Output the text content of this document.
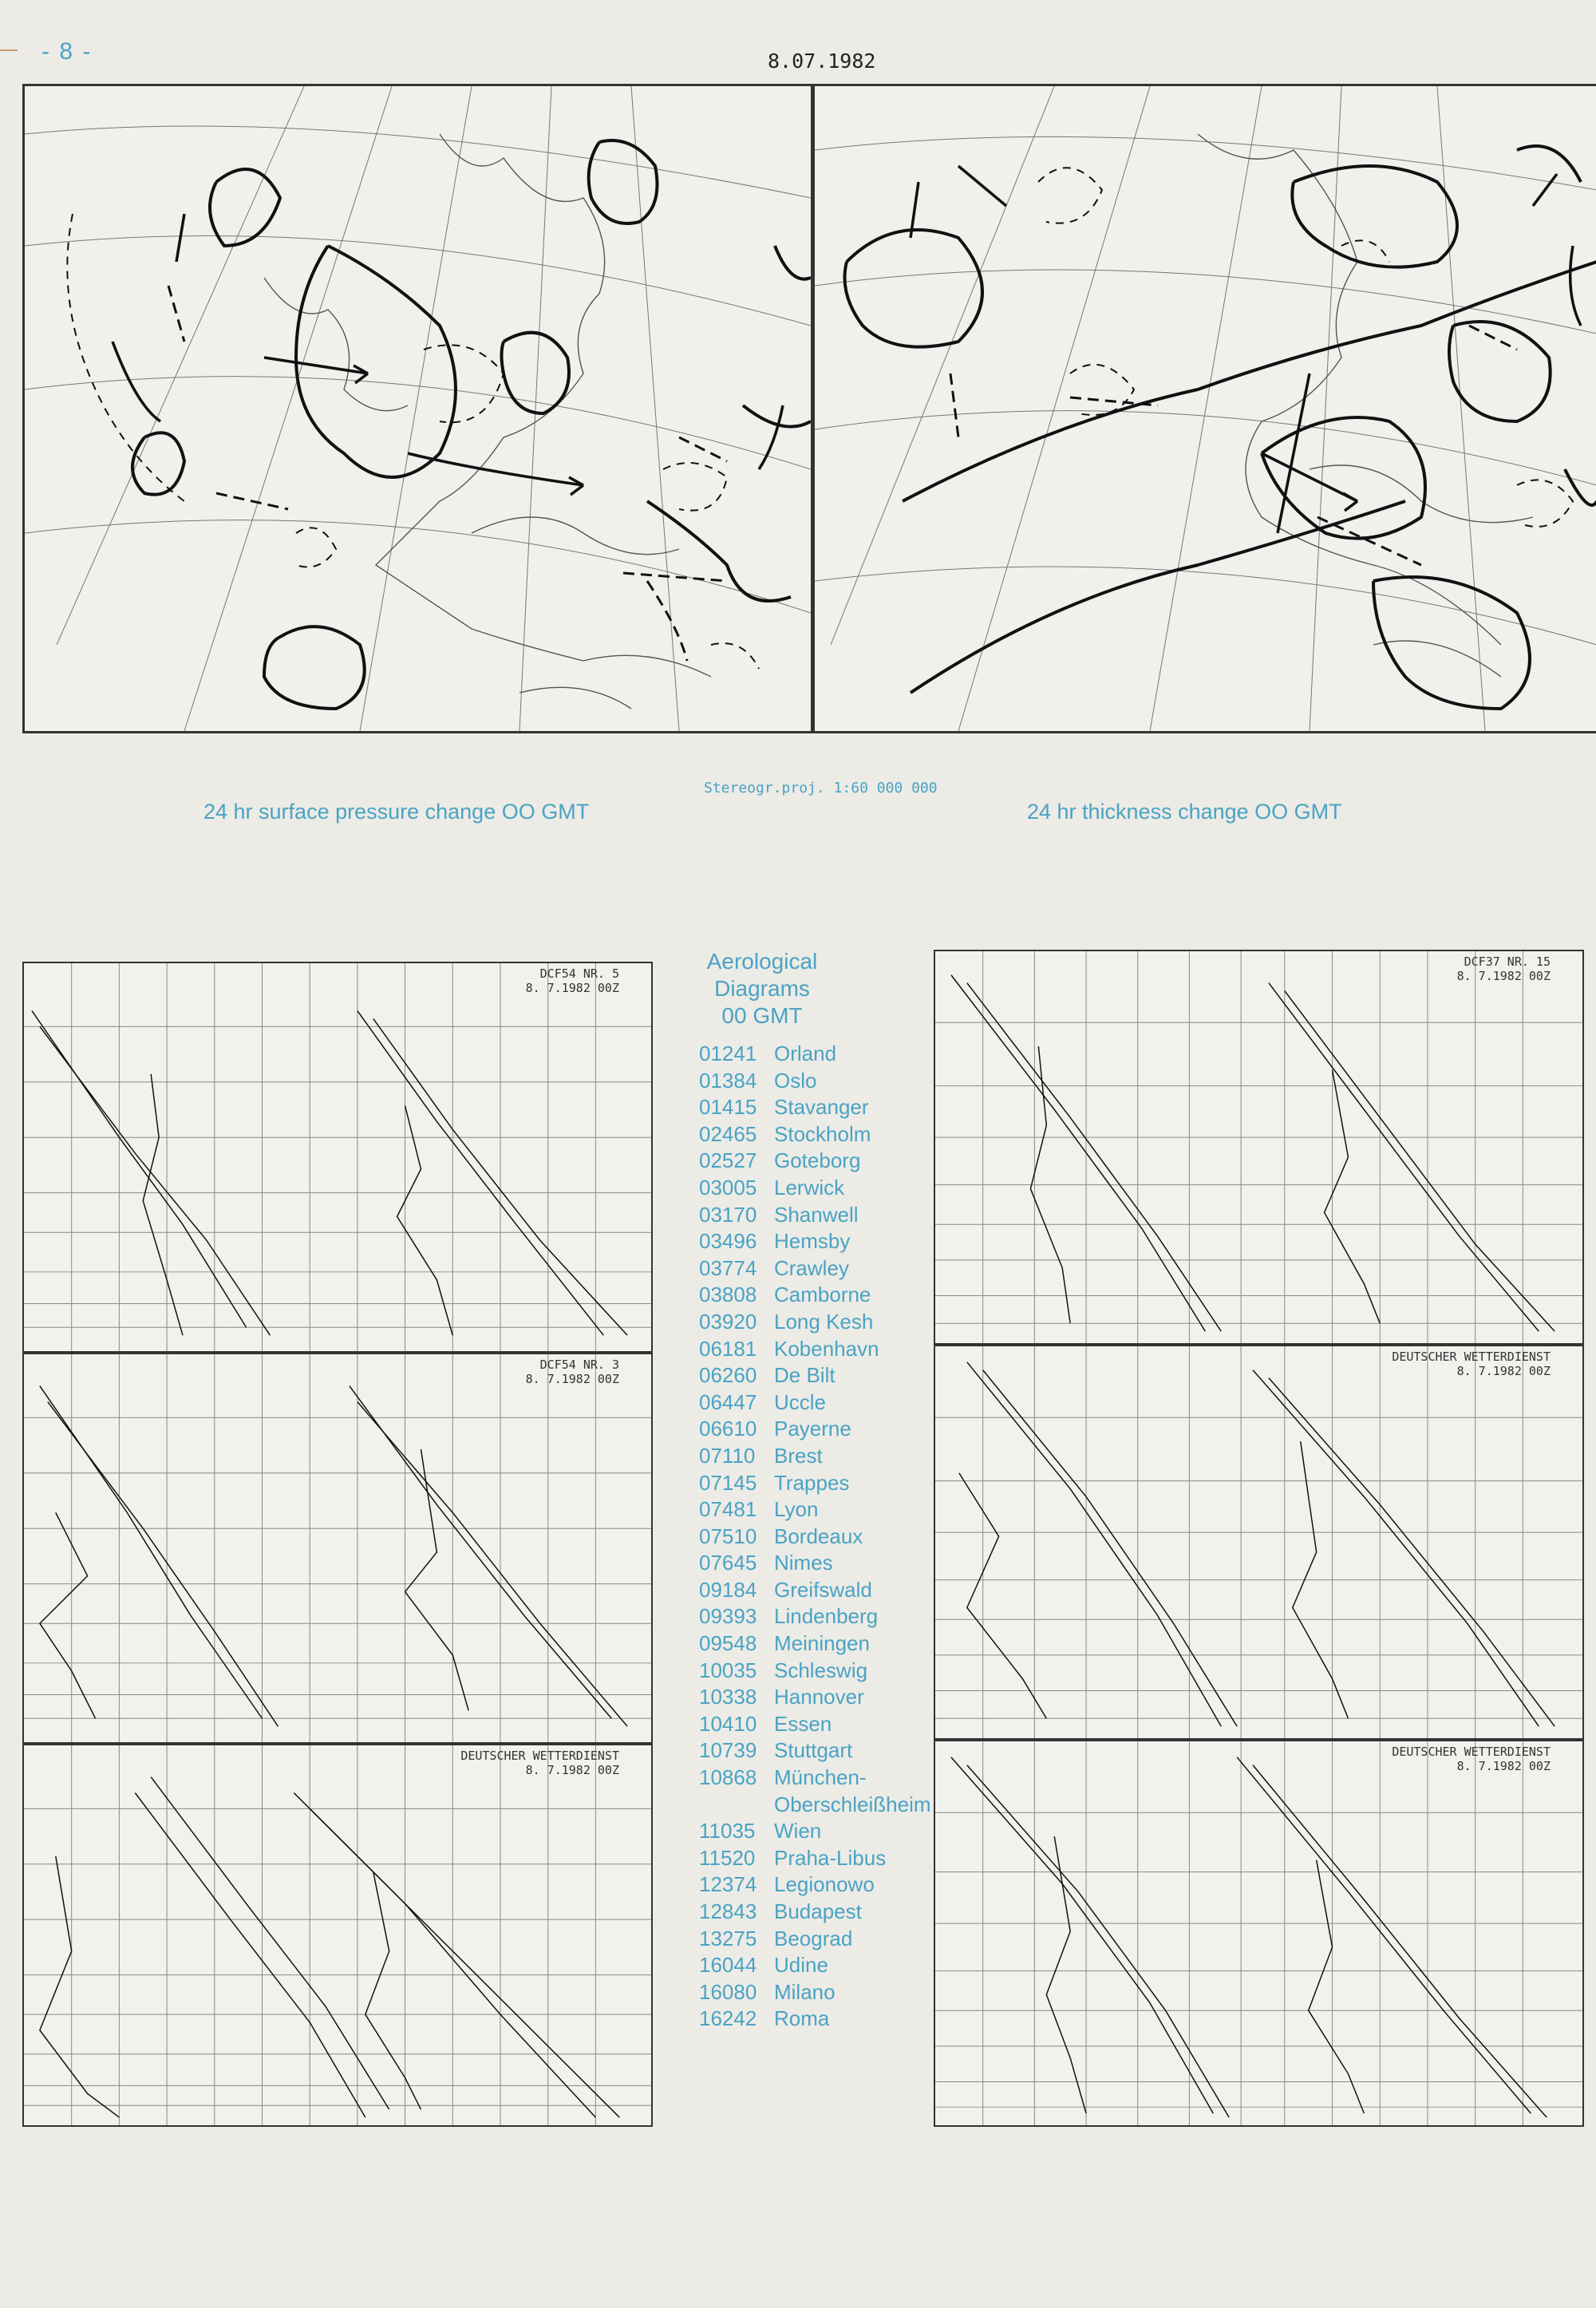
- 8 -	8.07.1982
Stereogr.proj. 1:60 000 000
24 hr surface pressure change OO GMT	24 hr thickness change OO GMT
DCF54 NR. 5
8. 7.1982 00Z
DCF54 NR. 3
8. 7.1982 00Z
DEUTSCHER WETTERDIENST
8. 7.1982 00Z
Aerological
Diagrams
00 GMT
01241 Orland
01384 Oslo
01415 Stavanger
02465 Stockholm
02527 Goteborg
03005 Lerwick
03170 Shanwell
03496 Hemsby
03774 Crawley
03808 Camborne
03920 Long Kesh
06181 Kobenhavn
06260 De Bilt
06447 Uccle
06610 Payerne
07110 Brest
07145 Trappes
07481 Lyon
07510 Bordeaux
07645 Nimes
09184 Greifswald
09393 Lindenberg
09548 Meiningen
10035 Schleswig
10338 Hannover
10410 Essen
10739 Stuttgart
10868 München-
Oberschleißheim
11035 Wien
11520 Praha-Libus
12374 Legionowo
12843 Budapest
13275 Beograd
16044 Udine
16080 Milano
16242 Roma
DCF37 NR. 15
8. 7.1982 00Z
DEUTSCHER WETTERDIENST
8. 7.1982 00Z
DEUTSCHER WETTERDIENST
8. 7.1982 00Z
